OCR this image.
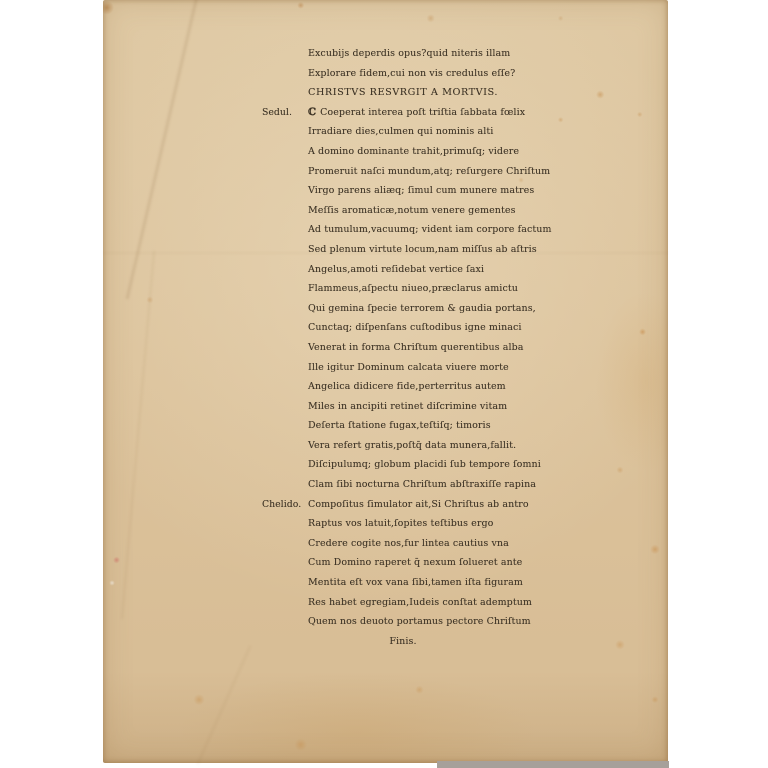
Excubijs deperdis opus?quid niteris illam
Explorare fidem,cui non vis credulus eſſe?
CHRISTVS RESVRGIT A MORTVIS.
Sedul. ℂ Coeperat interea poſt triſtia ſabbata fœlix
Irradiare dies,culmen qui nominis alti
A domino dominante trahit,primuſq; videre
Promeruit naſci mundum,atq; reſurgere Chriſtum
Virgo parens aliæq; ſimul cum munere matres
Meſſis aromaticæ,notum venere gementes
Ad tumulum,vacuumq; vident iam corpore factum
Sed plenum virtute locum,nam miſſus ab aſtris
Angelus,amoti reſidebat vertice ſaxi
Flammeus,aſpectu niueo,præclarus amictu
Qui gemina ſpecie terrorem & gaudia portans,
Cunctaq; diſpenſans cuſtodibus igne minaci
Venerat in forma Chriſtum querentibus alba
Ille igitur Dominum calcata viuere morte
Angelica didicere fide,perterritus autem
Miles in ancipiti retinet diſcrimine vitam
Deſerta ſtatione fugax,teſtiſq; timoris
Vera refert gratis,poſtq̄ data munera,fallit.
Diſcipulumq; globum placidi ſub tempore ſomni
Clam ſibi nocturna Chriſtum abſtraxiſſe rapina
Chelido. Compoſitus ſimulator ait,Si Chriſtus ab antro
Raptus vos latuit,ſopites teſtibus ergo
Credere cogite nos,fur lintea cautius vna
Cum Domino raperet q̄ nexum ſolueret ante
Mentita eſt vox vana ſibi,tamen iſta figuram
Res habet egregiam,Iudeis conſtat ademptum
Quem nos deuoto portamus pectore Chriſtum
Finis.
